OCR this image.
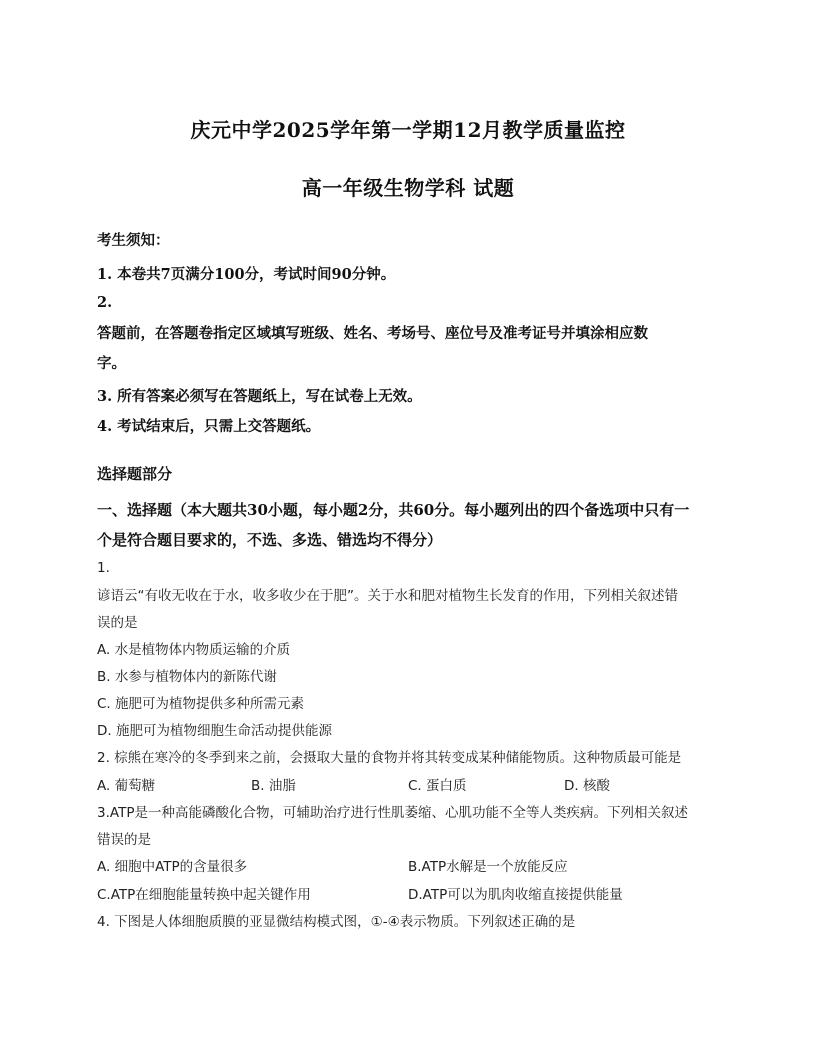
庆元中学2025学年第一学期12月教学质量监控
高一年级生物学科 试题
考生须知：
1. 本卷共7页满分100分，考试时间90分钟。
2.
答题前，在答题卷指定区域填写班级、姓名、考场号、座位号及准考证号并填涂相应数
字。
3. 所有答案必须写在答题纸上，写在试卷上无效。
4. 考试结束后，只需上交答题纸。
选择题部分
一、选择题（本大题共30小题，每小题2分，共60分。每小题列出的四个备选项中只有一
个是符合题目要求的，不选、多选、错选均不得分）
1.
谚语云“有收无收在于水，收多收少在于肥”。关于水和肥对植物生长发育的作用，下列相关叙述错
误的是
A. 水是植物体内物质运输的介质
B. 水参与植物体内的新陈代谢
C. 施肥可为植物提供多种所需元素
D. 施肥可为植物细胞生命活动提供能源
2. 棕熊在寒冷的冬季到来之前，会摄取大量的食物并将其转变成某种储能物质。这种物质最可能是
A. 葡萄糖	B. 油脂	C. 蛋白质	D. 核酸
3.ATP是一种高能磷酸化合物，可辅助治疗进行性肌萎缩、心肌功能不全等人类疾病。下列相关叙述
错误的是
A. 细胞中ATP的含量很多	B.ATP水解是一个放能反应
C.ATP在细胞能量转换中起关键作用	D.ATP可以为肌肉收缩直接提供能量
4. 下图是人体细胞质膜的亚显微结构模式图，①-④表示物质。下列叙述正确的是
